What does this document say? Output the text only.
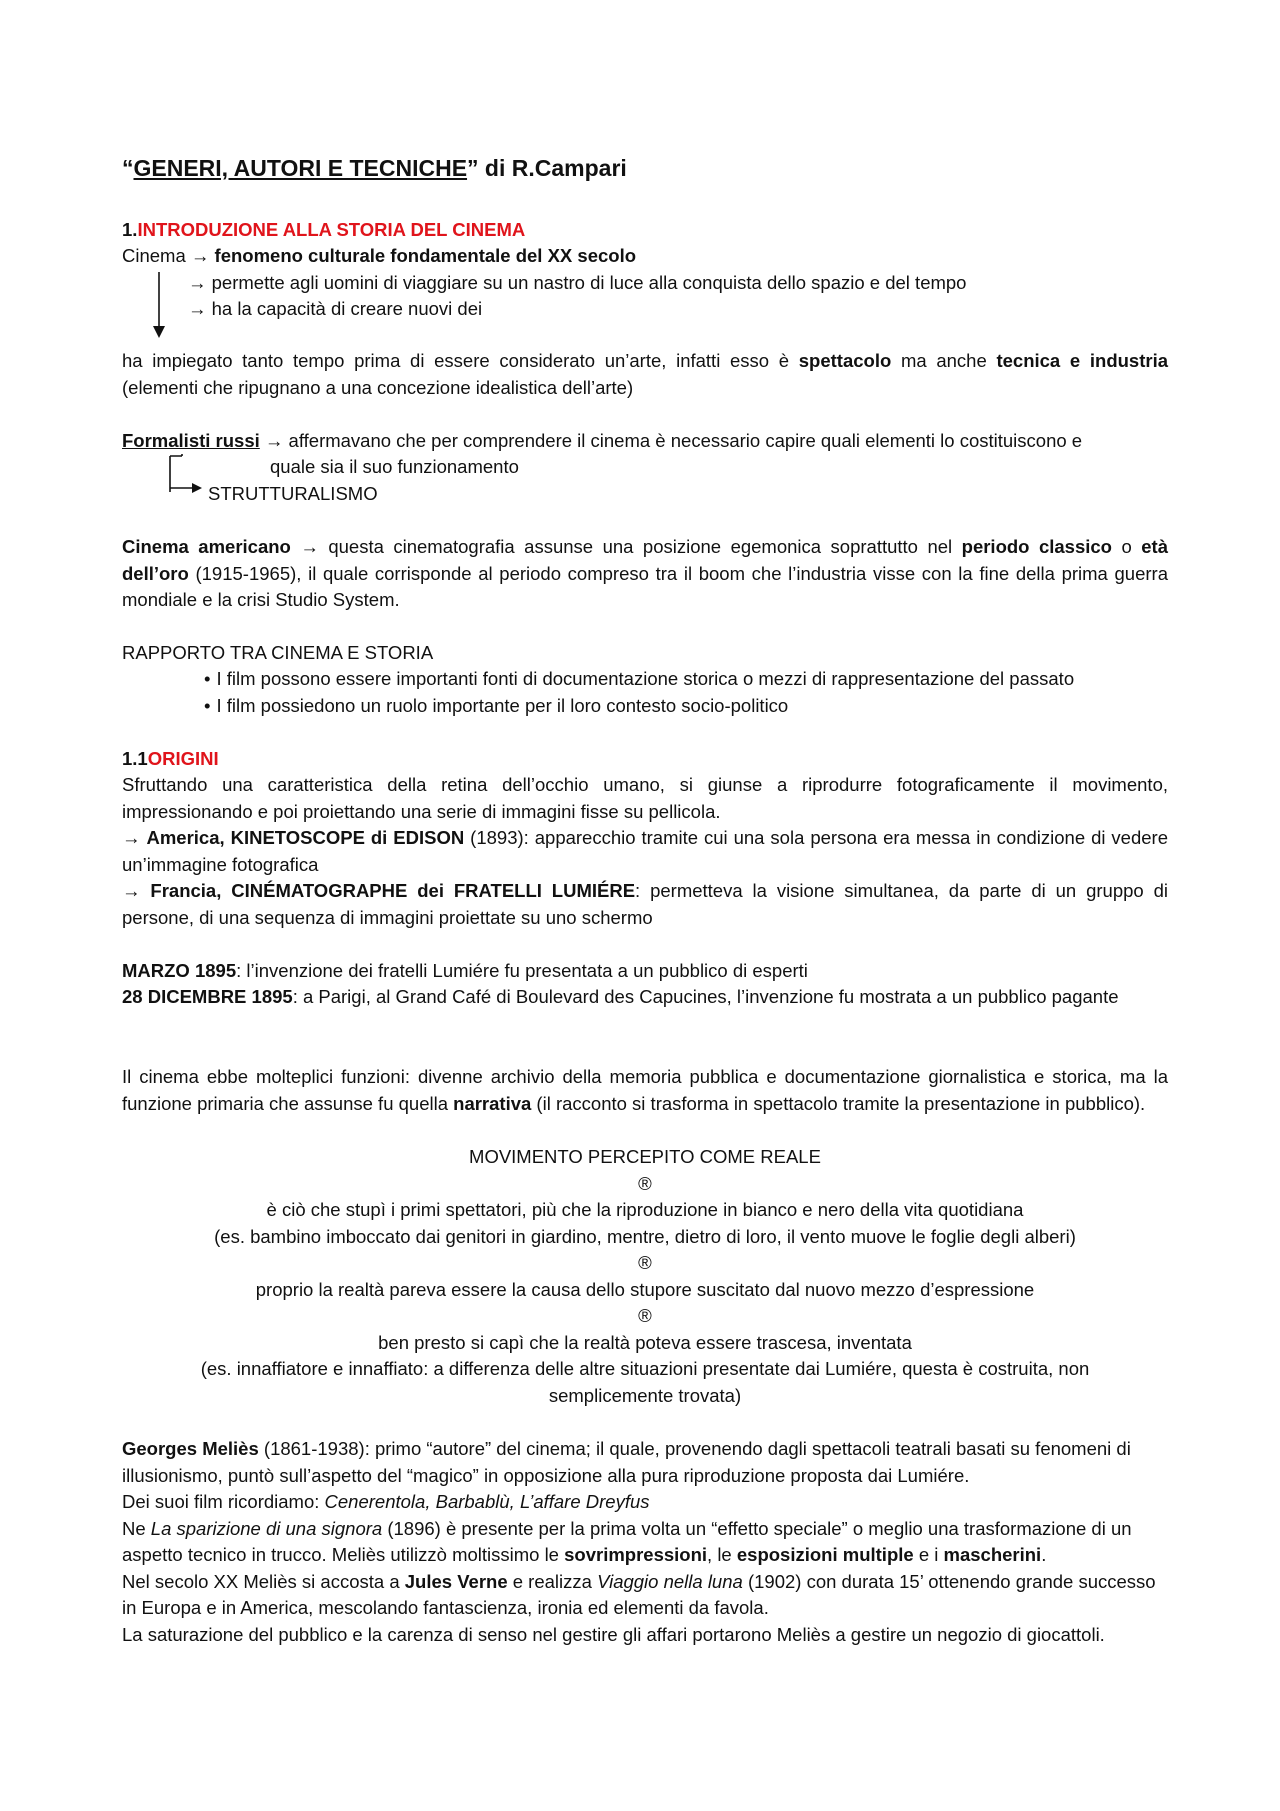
“GENERI, AUTORI E TECNICHE” di R.Campari
1.INTRODUZIONE ALLA STORIA DEL CINEMA
Cinema → fenomeno culturale fondamentale del XX secolo
→ permette agli uomini di viaggiare su un nastro di luce alla conquista dello spazio e del tempo
→ ha la capacità di creare nuovi dei

ha impiegato tanto tempo prima di essere considerato un’arte, infatti esso è spettacolo ma anche tecnica e industria (elementi che ripugnano a una concezione idealistica dell’arte)

Formalisti russi → affermavano che per comprendere il cinema è necessario capire quali elementi lo costituiscono e
quale sia il suo funzionamento
STRUTTURALISMO

Cinema americano → questa cinematografia assunse una posizione egemonica soprattutto nel periodo classico o età dell’oro (1915-1965), il quale corrisponde al periodo compreso tra il boom che l’industria visse con la fine della prima guerra mondiale e la crisi Studio System.

RAPPORTO TRA CINEMA E STORIA
• I film possono essere importanti fonti di documentazione storica o mezzi di rappresentazione del passato
• I film possiedono un ruolo importante per il loro contesto socio-politico
1.1ORIGINI

Sfruttando una caratteristica della retina dell’occhio umano, si giunse a riprodurre fotograficamente il movimento, impressionando e poi proiettando una serie di immagini fisse su pellicola.

→ America, KINETOSCOPE di EDISON (1893): apparecchio tramite cui una sola persona era messa in condizione di vedere un’immagine fotografica

→ Francia, CINÉMATOGRAPHE dei FRATELLI LUMIÉRE: permetteva la visione simultanea, da parte di un gruppo di persone, di una sequenza di immagini proiettate su uno schermo

MARZO 1895: l’invenzione dei fratelli Lumiére fu presentata a un pubblico di esperti

28 DICEMBRE 1895: a Parigi, al Grand Café di Boulevard des Capucines, l’invenzione fu mostrata a un pubblico pagante

Il cinema ebbe molteplici funzioni: divenne archivio della memoria pubblica e documentazione giornalistica e storica, ma la funzione primaria che assunse fu quella narrativa (il racconto si trasforma in spettacolo tramite la presentazione in pubblico).

MOVIMENTO PERCEPITO COME REALE
®
è ciò che stupì i primi spettatori, più che la riproduzione in bianco e nero della vita quotidiana
(es. bambino imboccato dai genitori in giardino, mentre, dietro di loro, il vento muove le foglie degli alberi)
®
proprio la realtà pareva essere la causa dello stupore suscitato dal nuovo mezzo d’espressione
®
ben presto si capì che la realtà poteva essere trascesa, inventata
(es. innaffiatore e innaffiato: a differenza delle altre situazioni presentate dai Lumiére, questa è costruita, non
semplicemente trovata)

Georges Meliès (1861-1938): primo “autore” del cinema; il quale, provenendo dagli spettacoli teatrali basati su fenomeni di illusionismo, puntò sull’aspetto del “magico” in opposizione alla pura riproduzione proposta dai Lumiére.

Dei suoi film ricordiamo: Cenerentola, Barbablù, L’affare Dreyfus

Ne La sparizione di una signora (1896) è presente per la prima volta un “effetto speciale” o meglio una trasformazione di un aspetto tecnico in trucco. Meliès utilizzò moltissimo le sovrimpressioni, le esposizioni multiple e i mascherini.

Nel secolo XX Meliès si accosta a Jules Verne e realizza Viaggio nella luna (1902) con durata 15’ ottenendo grande successo in Europa e in America, mescolando fantascienza, ironia ed elementi da favola.

La saturazione del pubblico e la carenza di senso nel gestire gli affari portarono Meliès a gestire un negozio di giocattoli.
